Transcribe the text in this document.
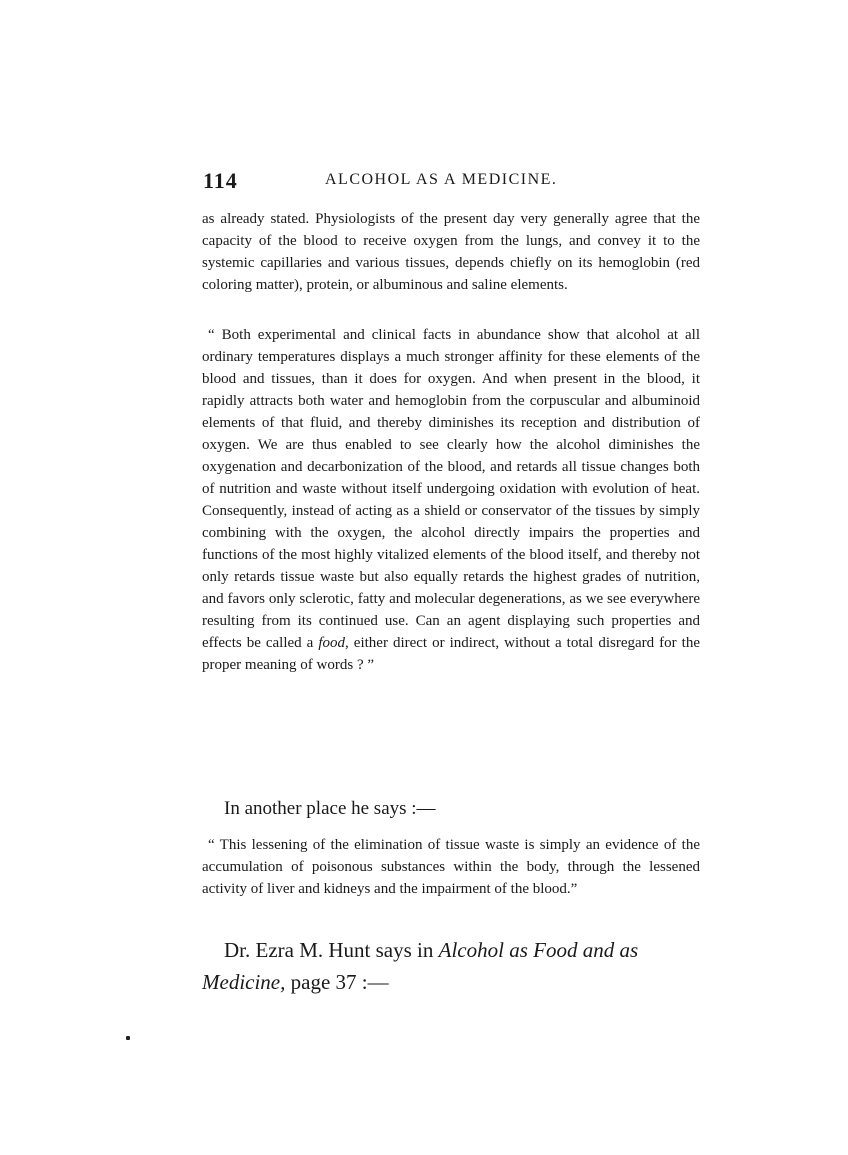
114	ALCOHOL AS A MEDICINE.

as already stated. Physiologists of the present day very generally agree that the capacity of the blood to receive oxygen from the lungs, and convey it to the systemic capillaries and various tissues, depends chiefly on its hemoglobin (red coloring matter), protein, or albuminous and saline elements.

“ Both experimental and clinical facts in abundance show that alcohol at all ordinary temperatures displays a much stronger affinity for these elements of the blood and tissues, than it does for oxygen. And when present in the blood, it rapidly attracts both water and hemoglobin from the corpuscular and albuminoid elements of that fluid, and thereby diminishes its reception and distribution of oxygen. We are thus enabled to see clearly how the alcohol diminishes the oxygenation and decarbonization of the blood, and retards all tissue changes both of nutrition and waste without itself undergoing oxidation with evolution of heat. Consequently, instead of acting as a shield or conservator of the tissues by simply combining with the oxygen, the alcohol directly impairs the properties and functions of the most highly vitalized elements of the blood itself, and thereby not only retards tissue waste but also equally retards the highest grades of nutrition, and favors only sclerotic, fatty and molecular degenerations, as we see everywhere resulting from its continued use. Can an agent displaying such properties and effects be called a food, either direct or indirect, without a total disregard for the proper meaning of words ? ”

In another place he says :—

“ This lessening of the elimination of tissue waste is simply an evidence of the accumulation of poisonous substances within the body, through the lessened activity of liver and kidneys and the impairment of the blood.”

Dr. Ezra M. Hunt says in Alcohol as Food and as Medicine, page 37 :—
